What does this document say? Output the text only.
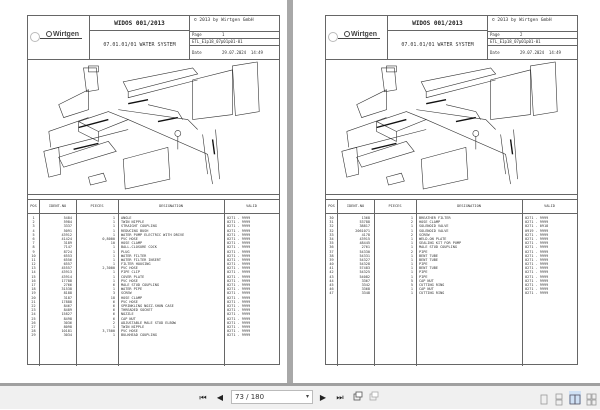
Wirtgen
WIDOS 001/2013
07.01.01/01 WATER SYSTEM
© 2013 by Wirtgen GmbH
Page	1
ETL_E1p18_07p01p01-01
Date	29.07.2024 14:49
POS	IDENT-NO	PIECES	DESIGNATION	VALID
1	5484	1	ANGLE	0271 - 9999
2	5984	1	TWIN NIPPLE	0271 - 9999
3	3337	1	STRAIGHT COUPLING	0271 - 9999
4	5091	1	REDUCING BUSH	0271 - 9999
5	43912	1	WATER PUMP ELECTRIC WITH DRIVE	0271 - 9999
6	41424	0,8000	PVC HOSE	0271 - 9999
7	3189	10	HOSE CLAMP	0271 - 9999
8	7147	1	BALL-CLOSURE COCK	0271 - 9999
9	8724	1	PLUG	0271 - 9999
10	6553	1	WATER FILTER	0271 - 9999
11	6556	1	WATER FILTER INSERT	0271 - 9999
12	6557	1	FILTER HOUSING	0271 - 9999
13	45557	2,3000	PVC HOSE	0271 - 9999
14	43913	1	PIPE CLIP	0271 - 9999
15	43914	1	COVER PLATE	0271 - 9999
16	17788	1	PVC HOSE	0271 - 9999
17	2766	6	MALE STUD COUPLING	0271 - 9999
18	31538	1	WATER PIPE	0271 - 9999
19	8188	3	SCREW	0271 - 9999
20	3187	18	HOSE CLAMP	0271 - 9999
21	17888	6	PVC HOSE	0271 - 9999
22	8467	6	SPRINKLING NOZZ.SHUN CASE	0271 - 9999
23	8489	6	THREADED SOCKET	0271 - 9999
24	15827	6	NOZZLE	0271 - 9999
25	8498	6	CAP NUT	0271 - 9999
26	3036	2	ADJUSTABLE MALE STUD ELBOW	0271 - 9999
27	8098	1	TWIN NIPPLE	0271 - 9999
28	10181	3,7500	PVC HOSE	0271 - 9999
29	3034	1	BULKHEAD COUPLING	0271 - 9999
Wirtgen
WIDOS 001/2013
07.01.01/01 WATER SYSTEM
© 2013 by Wirtgen GmbH
Page	2
ETL_E1p18_07p01p01-01
Date	29.07.2024 14:49
POS	IDENT-NO	PIECES	DESIGNATION	VALID
30	1368	1	BREATHER FILTER	0271 - 9999
31	53788	2	HOSE CLAMP	0271 - 9999
32	38817	1	SOLENOID VALVE	0271 - 0918
32	2061071	1	SOLENOID VALVE	0919 - 9999
33	4178	2	SCREW	0271 - 9999
34	43915	1	WELD-ON PLATE	0271 - 9999
35	48445	1	SEALING KIT FOR PUMP	0271 - 9999
36	2761	1	MALE STUD COUPLING	0271 - 9999
37	54330	2	PIPE	0271 - 9999
38	54331	1	BENT TUBE	0271 - 9999
39	54327	1	BENT TUBE	0271 - 9999
40	54328	1	PIPE	0271 - 9999
41	57483	1	BENT TUBE	0271 - 9999
42	54325	1	PIPE	0271 - 9999
43	54082	1	PIPE	0271 - 9999
44	3367	5	CAP NUT	0271 - 9999
45	3342	5	CUTTING RING	0271 - 9999
46	3368	1	CAP NUT	0271 - 9999
47	3348	1	CUTTING RING	0271 - 9999
⏮	◀	73 / 180	▾ ▶ ⏭
